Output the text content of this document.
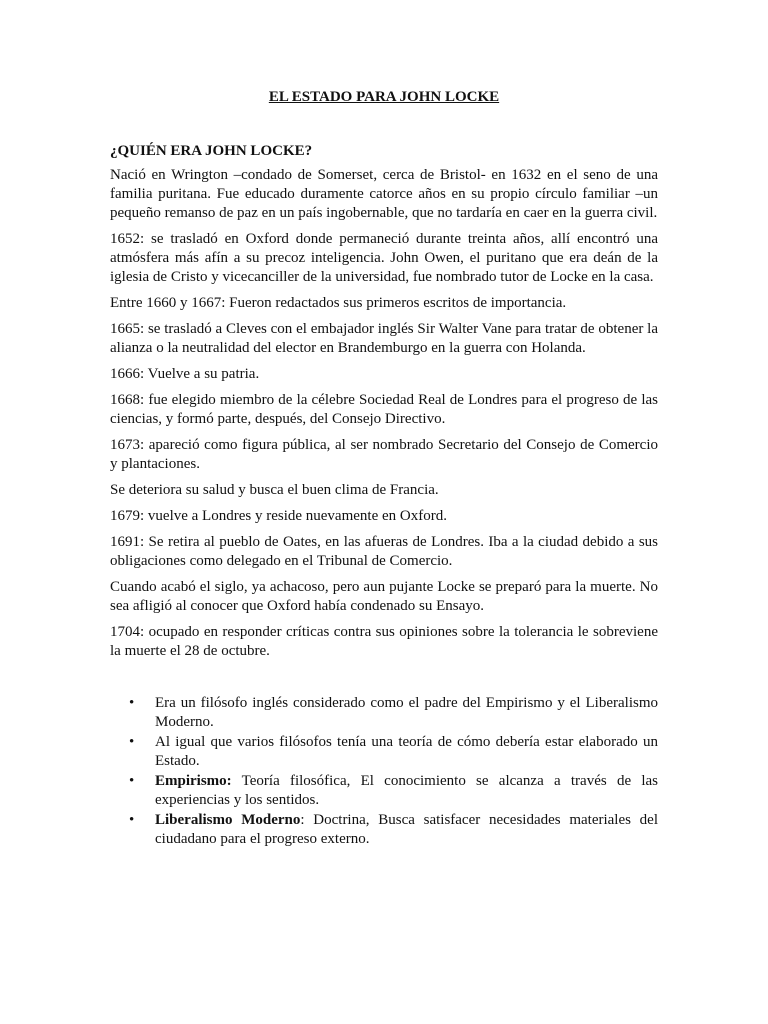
EL ESTADO PARA JOHN LOCKE
¿QUIÉN ERA JOHN LOCKE?

Nació en Wrington –condado de Somerset, cerca de Bristol- en 1632 en el seno de una familia puritana. Fue educado duramente catorce años en su propio círculo familiar –un pequeño remanso de paz en un país ingobernable, que no tardaría en caer en la guerra civil.

1652: se trasladó en Oxford donde permaneció durante treinta años, allí encontró una atmósfera más afín a su precoz inteligencia. John Owen, el puritano que era deán de la iglesia de Cristo y vicecanciller de la universidad, fue nombrado tutor de Locke en la casa.

Entre 1660 y 1667: Fueron redactados sus primeros escritos de importancia.

1665: se trasladó a Cleves con el embajador inglés Sir Walter Vane para tratar de obtener la alianza o la neutralidad del elector en Brandemburgo en la guerra con Holanda.

1666: Vuelve a su patria.

1668: fue elegido miembro de la célebre Sociedad Real de Londres para el progreso de las ciencias, y formó parte, después, del Consejo Directivo.

1673: apareció como figura pública, al ser nombrado Secretario del Consejo de Comercio y plantaciones.

Se deteriora su salud y busca el buen clima de Francia.

1679: vuelve a Londres y reside nuevamente en Oxford.

1691: Se retira al pueblo de Oates, en las afueras de Londres. Iba a la ciudad debido a sus obligaciones como delegado en el Tribunal de Comercio.

Cuando acabó el siglo, ya achacoso, pero aun pujante Locke se preparó para la muerte. No sea afligió al conocer que Oxford había condenado su Ensayo.

1704: ocupado en responder críticas contra sus opiniones sobre la tolerancia le sobreviene la muerte el 28 de octubre.

• Era un filósofo inglés considerado como el padre del Empirismo y el Liberalismo Moderno.
• Al igual que varios filósofos tenía una teoría de cómo debería estar elaborado un Estado.
• Empirismo: Teoría filosófica, El conocimiento se alcanza a través de las experiencias y los sentidos.
• Liberalismo Moderno: Doctrina, Busca satisfacer necesidades materiales del ciudadano para el progreso externo.
